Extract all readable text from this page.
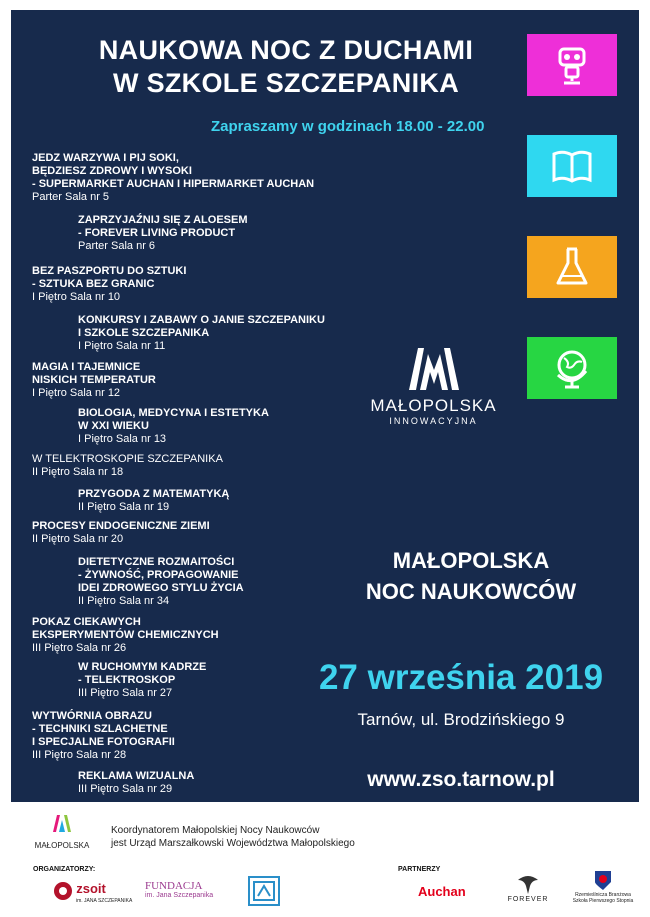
NAUKOWA NOC Z DUCHAMI
W SZKOLE SZCZEPANIKA
Zapraszamy w godzinach 18.00 - 22.00
JEDZ WARZYWA I PIJ SOKI,
BĘDZIESZ ZDROWY I WYSOKI
- SUPERMARKET AUCHAN I HIPERMARKET AUCHAN
Parter Sala nr 5
ZAPRZYJAŹNIJ SIĘ Z ALOESEM
- FOREVER LIVING PRODUCT
Parter Sala nr 6
BEZ PASZPORTU DO SZTUKI
- SZTUKA BEZ GRANIC
I Piętro Sala nr 10
KONKURSY I ZABAWY O JANIE SZCZEPANIKU
I SZKOLE SZCZEPANIKA
I Piętro Sala nr 11
MAGIA I TAJEMNICE
NISKICH TEMPERATUR
I Piętro Sala nr 12
BIOLOGIA, MEDYCYNA I ESTETYKA
W XXI WIEKU
I Piętro Sala nr 13
W TELEKTROSKOPIE SZCZEPANIKA
II Piętro Sala nr 18
PRZYGODA Z MATEMATYKĄ
II Piętro Sala nr 19
PROCESY ENDOGENICZNE ZIEMI
II Piętro Sala nr 20
DIETETYCZNE ROZMAITOŚCI
- ŻYWNOŚĆ, PROPAGOWANIE
IDEI ZDROWEGO STYLU ŻYCIA
II Piętro Sala nr 34
POKAZ CIEKAWYCH
EKSPERYMENTÓW CHEMICZNYCH
III Piętro Sala nr 26
W RUCHOMYM KADRZE
- TELEKTROSKOP
III Piętro Sala nr 27
WYTWÓRNIA OBRAZU
- TECHNIKI SZLACHETNE
I SPECJALNE FOTOGRAFII
III Piętro Sala nr 28
REKLAMA WIZUALNA
III Piętro Sala nr 29
MAŁOPOLSKA
INNOWACYJNA
MAŁOPOLSKA
NOC NAUKOWCÓW
27 września 2019
Tarnów, ul. Brodzińskiego 9
www.zso.tarnow.pl
MAŁOPOLSKA
Koordynatorem Małopolskiej Nocy Naukowców
jest Urząd Marszałkowski Województwa Małopolskiego
ORGANIZATORZY:	PARTNERZY
zsoit
im. JANA SZCZEPANIKA
FUNDACJA
im. Jana Szczepanika	Auchan
FOREVER
Rzemieślnicza Branżowa
Szkoła Pierwszego Stopnia
